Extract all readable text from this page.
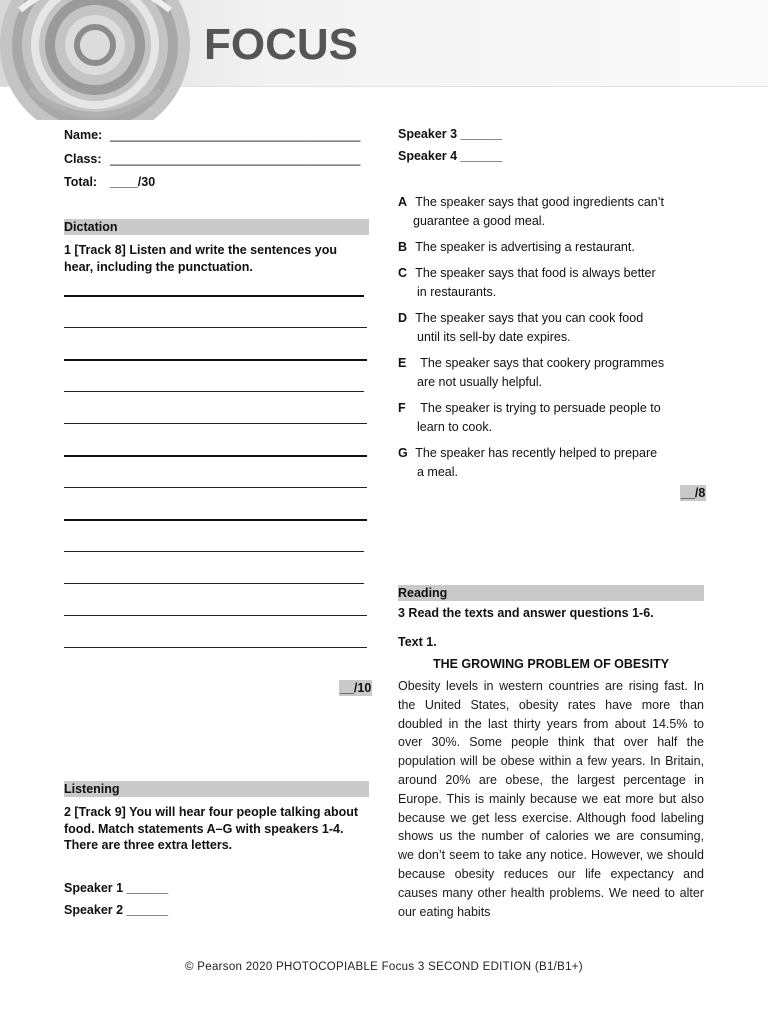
FOCUS
Name: ____________________________________
Class: ____________________________________
Total: ____/30
Dictation
1 [Track 8] Listen and write the sentences you hear, including the punctuation.
__/10
Listening
2 [Track 9] You will hear four people talking about food. Match statements A–G with speakers 1-4. There are three extra letters.
Speaker 1 ______
Speaker 2 ______
Speaker 3 ______
Speaker 4 ______
A The speaker says that good ingredients can’t
guarantee a good meal.
B The speaker is advertising a restaurant.
C The speaker says that food is always better
in restaurants.
D The speaker says that you can cook food
until its sell-by date expires.
E The speaker says that cookery programmes
are not usually helpful.
F The speaker is trying to persuade people to
learn to cook.
G The speaker has recently helped to prepare
a meal.
__/8
Reading
3 Read the texts and answer questions 1-6.
Text 1.
THE GROWING PROBLEM OF OBESITY
Obesity levels in western countries are rising fast. In the United States, obesity rates have more than doubled in the last thirty years from about 14.5% to over 30%. Some people think that over half the population will be obese within a few years. In Britain, around 20% are obese, the largest percentage in Europe. This is mainly because we eat more but also because we get less exercise. Although food labeling shows us the number of calories we are consuming, we don’t seem to take any notice. However, we should because obesity reduces our life expectancy and causes many other health problems. We need to alter our eating habits
© Pearson 2020 PHOTOCOPIABLE Focus 3 SECOND EDITION (B1/B1+)
